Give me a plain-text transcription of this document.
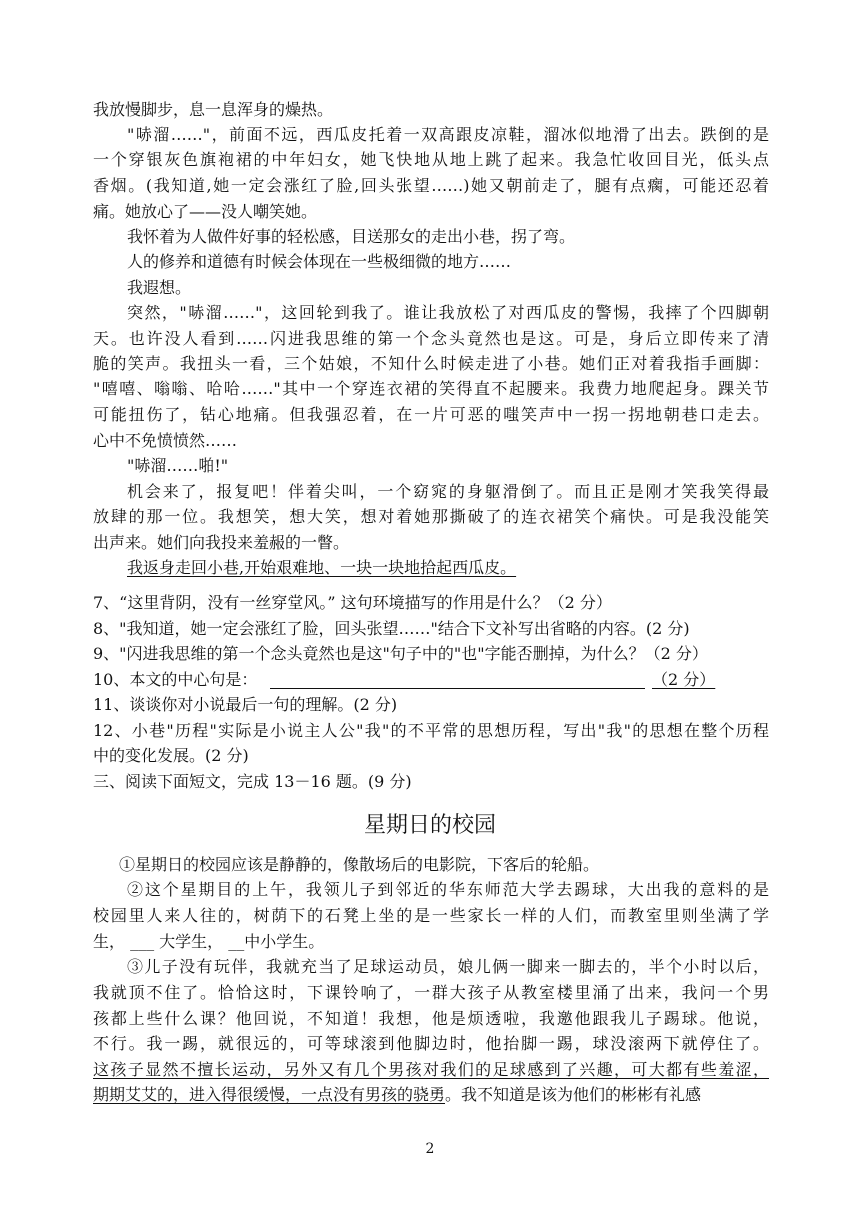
我放慢脚步，息一息浑身的燥热。
"哧溜……"，前面不远，西瓜皮托着一双高跟皮凉鞋，溜冰似地滑了出去。跌倒的是
一个穿银灰色旗袍裙的中年妇女，她飞快地从地上跳了起来。我急忙收回目光，低头点
香烟。(我知道,她一定会涨红了脸,回头张望……)她又朝前走了，腿有点瘸，可能还忍着
痛。她放心了——没人嘲笑她。
我怀着为人做件好事的轻松感，目送那女的走出小巷，拐了弯。
人的修养和道德有时候会体现在一些极细微的地方……
我遐想。
突然，"哧溜……"，这回轮到我了。谁让我放松了对西瓜皮的警惕，我摔了个四脚朝
天。也许没人看到……闪进我思维的第一个念头竟然也是这。可是，身后立即传来了清
脆的笑声。我扭头一看，三个姑娘，不知什么时候走进了小巷。她们正对着我指手画脚：
"嘻嘻、嗡嗡、哈哈……"其中一个穿连衣裙的笑得直不起腰来。我费力地爬起身。踝关节
可能扭伤了，钻心地痛。但我强忍着，在一片可恶的嗤笑声中一拐一拐地朝巷口走去。
心中不免愤愤然……
"哧溜……啪!"
机会来了，报复吧！伴着尖叫，一个窈窕的身躯滑倒了。而且正是刚才笑我笑得最
放肆的那一位。我想笑，想大笑，想对着她那撕破了的连衣裙笑个痛快。可是我没能笑
出声来。她们向我投来羞赧的一瞥。
我返身走回小巷,开始艰难地、一块一块地拾起西瓜皮。
7、“这里背阴，没有一丝穿堂风。” 这句环境描写的作用是什么？（2 分）
8、"我知道，她一定会涨红了脸，回头张望……"结合下文补写出省略的内容。(2 分)
9、"闪进我思维的第一个念头竟然也是这"句子中的"也"字能否删掉，为什么？（2 分）
10、本文的中心句是：	（2 分）
11、谈谈你对小说最后一句的理解。(2 分)
12、小巷"历程"实际是小说主人公"我"的不平常的思想历程，写出"我"的思想在整个历程
中的变化发展。(2 分)
三、阅读下面短文，完成 13－16 题。(9 分)
星期日的校园
①星期日的校园应该是静静的，像散场后的电影院，下客后的轮船。
②这个星期目的上午，我领儿子到邻近的华东师范大学去踢球，大出我的意料的是
校园里人来人往的，树荫下的石凳上坐的是一些家长一样的人们，而教室里则坐满了学
生， ___ 大学生， __中小学生。
③儿子没有玩伴，我就充当了足球运动员，娘儿俩一脚来一脚去的，半个小时以后，
我就顶不住了。恰恰这时，下课铃响了，一群大孩子从教室楼里涌了出来，我问一个男
孩都上些什么课？他回说，不知道！我想，他是烦透啦，我邀他跟我儿子踢球。他说，
不行。我一踢，就很远的，可等球滚到他脚边时，他抬脚一踢，球没滚两下就停住了。
这孩子显然不擅长运动，另外又有几个男孩对我们的足球感到了兴趣，可大都有些羞涩，
期期艾艾的，进入得很缓慢，一点没有男孩的骁勇。我不知道是该为他们的彬彬有礼感
2
